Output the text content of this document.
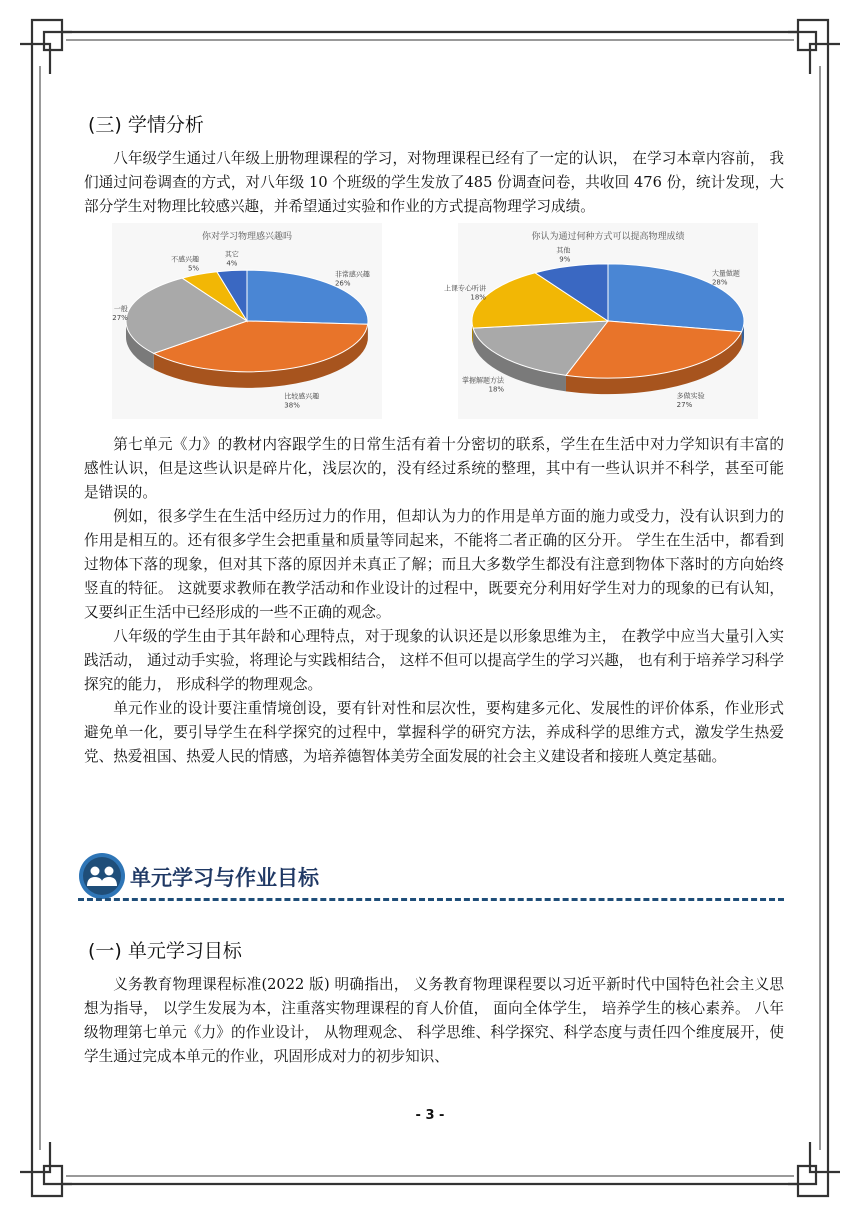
(三) 学情分析

八年级学生通过八年级上册物理课程的学习，对物理课程已经有了一定的认识， 在学习本章内容前， 我们通过问卷调查的方式，对八年级 10 个班级的学生发放了485 份调查问卷，共收回 476 份，统计发现，大部分学生对物理比较感兴趣，并希望通过实验和作业的方式提高物理学习成绩。

你对学习物理感兴趣吗
非常感兴趣
26%
比较感兴趣
38%
一般
27%
不感兴趣
5%
其它
4%
你认为通过何种方式可以提高物理成绩
大量做题
28%
多做实验
27%
掌握解题方法
18%
上课专心听讲
18%
其他
9%

第七单元《力》的教材内容跟学生的日常生活有着十分密切的联系，学生在生活中对力学知识有丰富的感性认识，但是这些认识是碎片化，浅层次的，没有经过系统的整理，其中有一些认识并不科学，甚至可能是错误的。

例如，很多学生在生活中经历过力的作用，但却认为力的作用是单方面的施力或受力，没有认识到力的作用是相互的。还有很多学生会把重量和质量等同起来，不能将二者正确的区分开。 学生在生活中，都看到过物体下落的现象，但对其下落的原因并未真正了解；而且大多数学生都没有注意到物体下落时的方向始终竖直的特征。 这就要求教师在教学活动和作业设计的过程中，既要充分利用好学生对力的现象的已有认知，又要纠正生活中已经形成的一些不正确的观念。

八年级的学生由于其年龄和心理特点，对于现象的认识还是以形象思维为主， 在教学中应当大量引入实践活动， 通过动手实验，将理论与实践相结合， 这样不但可以提高学生的学习兴趣， 也有利于培养学习科学探究的能力， 形成科学的物理观念。

单元作业的设计要注重情境创设，要有针对性和层次性，要构建多元化、发展性的评价体系，作业形式避免单一化，要引导学生在科学探究的过程中，掌握科学的研究方法，养成科学的思维方式，激发学生热爱党、热爱祖国、热爱人民的情感，为培养德智体美劳全面发展的社会主义建设者和接班人奠定基础。

单元学习与作业目标
(一) 单元学习目标

义务教育物理课程标准(2022 版) 明确指出， 义务教育物理课程要以习近平新时代中国特色社会主义思想为指导， 以学生发展为本，注重落实物理课程的育人价值， 面向全体学生， 培养学生的核心素养。 八年级物理第七单元《力》的作业设计， 从物理观念、 科学思维、科学探究、科学态度与责任四个维度展开，使学生通过完成本单元的作业，巩固形成对力的初步知识、

- 3 -
